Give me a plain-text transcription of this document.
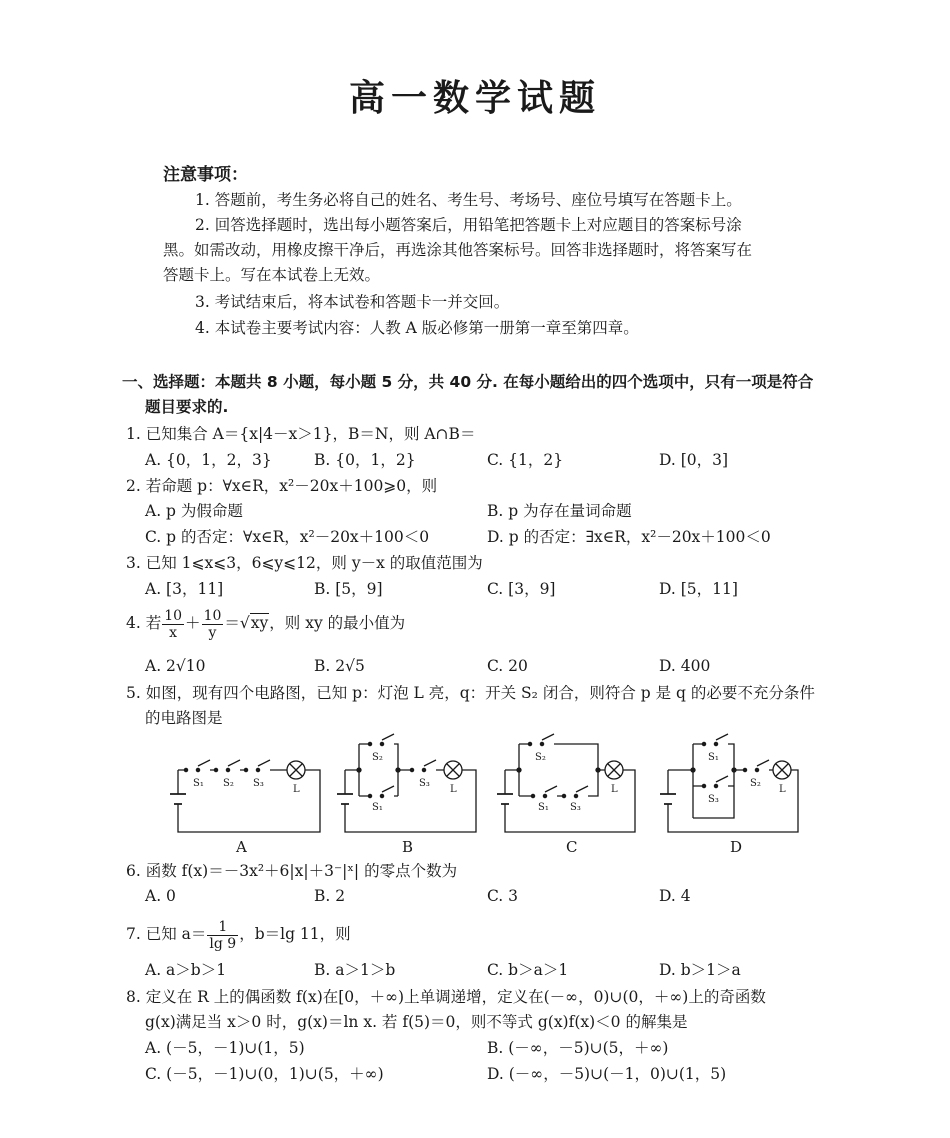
高一数学试题
注意事项：
1. 答题前，考生务必将自己的姓名、考生号、考场号、座位号填写在答题卡上。
2. 回答选择题时，选出每小题答案后，用铅笔把答题卡上对应题目的答案标号涂
黑。如需改动，用橡皮擦干净后，再选涂其他答案标号。回答非选择题时，将答案写在
答题卡上。写在本试卷上无效。
3. 考试结束后，将本试卷和答题卡一并交回。
4. 本试卷主要考试内容：人教 A 版必修第一册第一章至第四章。
一、选择题：本题共 8 小题，每小题 5 分，共 40 分. 在每小题给出的四个选项中，只有一项是符合
题目要求的.
1. 已知集合 A＝{x|4－x＞1}，B＝N，则 A∩B＝
A. {0，1，2，3}	B. {0，1，2}	C. {1，2}	D. [0，3]
2. 若命题 p：∀x∈R，x²－20x＋100⩾0，则
A. p 为假命题	B. p 为存在量词命题
C. p 的否定：∀x∈R，x²－20x＋100＜0	D. p 的否定：∃x∈R，x²－20x＋100＜0
3. 已知 1⩽x⩽3，6⩽y⩽12，则 y－x 的取值范围为
A. [3，11]	B. [5，9]	C. [3，9]	D. [5，11]
4. 若 $\frac{10}{x} + \frac{10}{y} =√xy$，则 xy 的最小值为
A. 2√10	B. 2√5	C. 20	D. 400
5. 如图，现有四个电路图，已知 p：灯泡 L 亮，q：开关 S₂ 闭合，则符合 p 是 q 的必要不充分条件
的电路图是
S₁ S₂ S₃
L
S₂
S₁
S₃
L
S₂
S₁ S₃
L
S₁
S₃
S₂
L
A	B	C	D
6. 函数 f(x)＝－3x²＋6|x|＋3⁻|ˣ| 的零点个数为
A. 0	B. 2	C. 3	D. 4
7. 已知 $a= \frac{1}{\lg 9}$ ，b＝lg 11，则
A. a＞b＞1	B. a＞1＞b	C. b＞a＞1	D. b＞1＞a
8. 定义在 R 上的偶函数 f(x)在[0，＋∞)上单调递增，定义在(－∞，0)∪(0，＋∞)上的奇函数
g(x)满足当 x＞0 时，g(x)＝ln x. 若 f(5)＝0，则不等式 g(x)f(x)＜0 的解集是
A. (－5，－1)∪(1，5)	B. (－∞，－5)∪(5，＋∞)
C. (－5，－1)∪(0，1)∪(5，＋∞)	D. (－∞，－5)∪(－1，0)∪(1，5)
